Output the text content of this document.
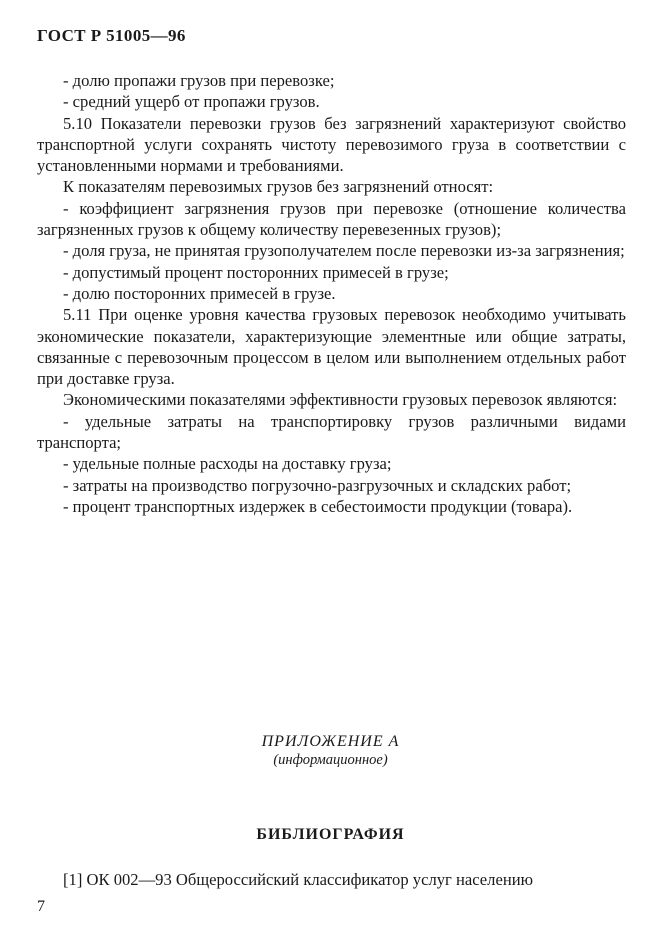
ГОСТ Р 51005—96

- долю пропажи грузов при перевозке;

- средний ущерб от пропажи грузов.

5.10 Показатели перевозки грузов без загрязнений характеризуют свойство транспортной услуги сохранять чистоту перевозимого груза в соответствии с установленными нормами и требованиями.

К показателям перевозимых грузов без загрязнений относят:

- коэффициент загрязнения грузов при перевозке (отношение количества загрязненных грузов к общему количеству перевезенных грузов);

- доля груза, не принятая грузополучателем после перевозки из-за загрязнения;

- допустимый процент посторонних примесей в грузе;

- долю посторонних примесей в грузе.

5.11 При оценке уровня качества грузовых перевозок необходимо учитывать экономические показатели, характеризующие элементные или общие затраты, связанные с перевозочным процессом в целом или выполнением отдельных работ при доставке груза.

Экономическими показателями эффективности грузовых перевозок являются:

- удельные затраты на транспортировку грузов различными видами транспорта;

- удельные полные расходы на доставку груза;

- затраты на производство погрузочно-разгрузочных и складских работ;

- процент транспортных издержек в себестоимости продукции (товара).

ПРИЛОЖЕНИЕ А
(информационное)
БИБЛИОГРАФИЯ
[1] ОК 002—93 Общероссийский классификатор услуг населению
7
